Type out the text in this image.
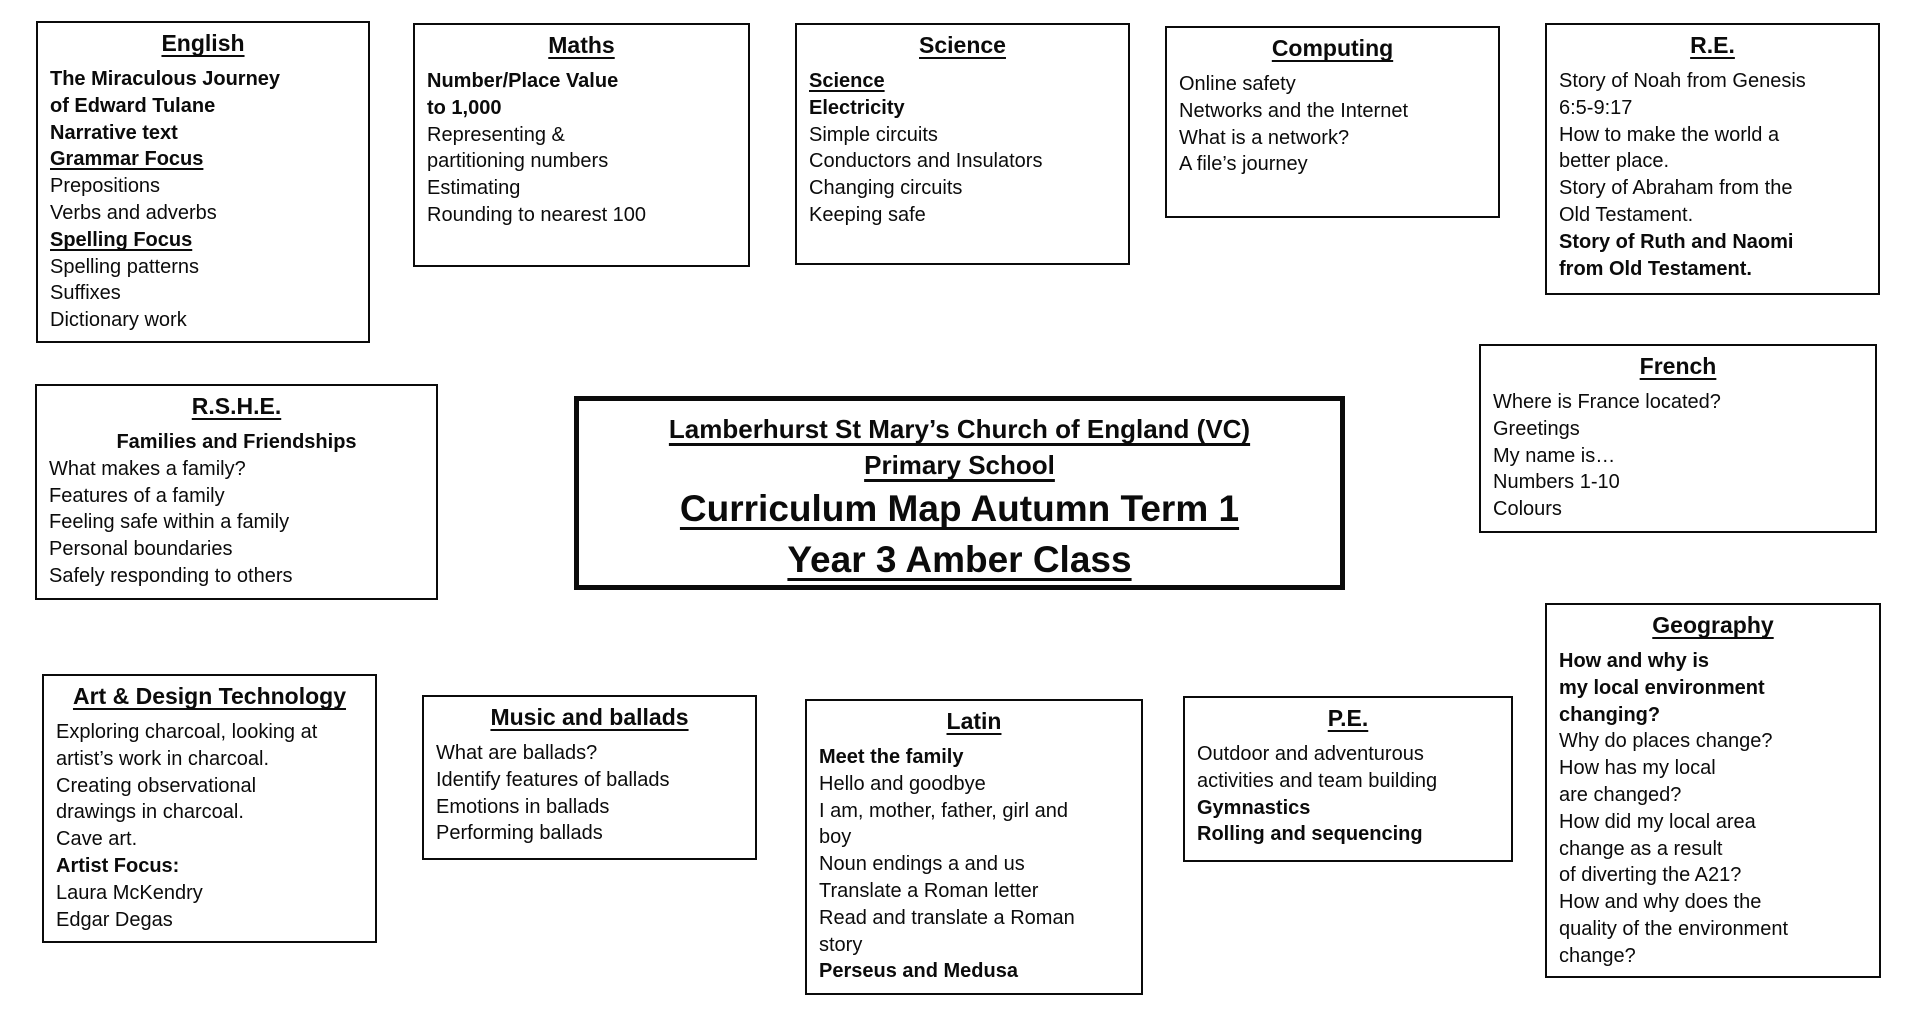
English
The Miraculous Journey
of Edward Tulane
Narrative text
Grammar Focus
Prepositions
Verbs and adverbs
Spelling Focus
Spelling patterns
Suffixes
Dictionary work
Maths
Number/Place Value
to 1,000
Representing &
partitioning numbers
Estimating
Rounding to nearest 100
Science
Science
Electricity
Simple circuits
Conductors and Insulators
Changing circuits
Keeping safe
Computing
Online safety
Networks and the Internet
What is a network?
A file’s journey
R.E.
Story of Noah from Genesis
6:5-9:17
How to make the world a
better place.
Story of Abraham from the
Old Testament.
Story of Ruth and Naomi
from Old Testament.
R.S.H.E.
Families and Friendships
What makes a family?
Features of a family
Feeling safe within a family
Personal boundaries
Safely responding to others
Lamberhurst St Mary’s Church of England (VC)
Primary School
Curriculum Map Autumn Term 1
Year 3 Amber Class
French
Where is France located?
Greetings
My name is…
Numbers 1-10
Colours
Geography
How and why is
my local environment
changing?
Why do places change?
How has my local
are changed?
How did my local area
change as a result
of diverting the A21?
How and why does the
quality of the environment
change?
Art & Design Technology
Exploring charcoal, looking at
artist’s work in charcoal.
Creating observational
drawings in charcoal.
Cave art.
Artist Focus:
Laura McKendry
Edgar Degas
Music and ballads
What are ballads?
Identify features of ballads
Emotions in ballads
Performing ballads
Latin
Meet the family
Hello and goodbye
I am, mother, father, girl and
boy
Noun endings a and us
Translate a Roman letter
Read and translate a Roman
story
Perseus and Medusa
P.E.
Outdoor and adventurous
activities and team building
Gymnastics
Rolling and sequencing
